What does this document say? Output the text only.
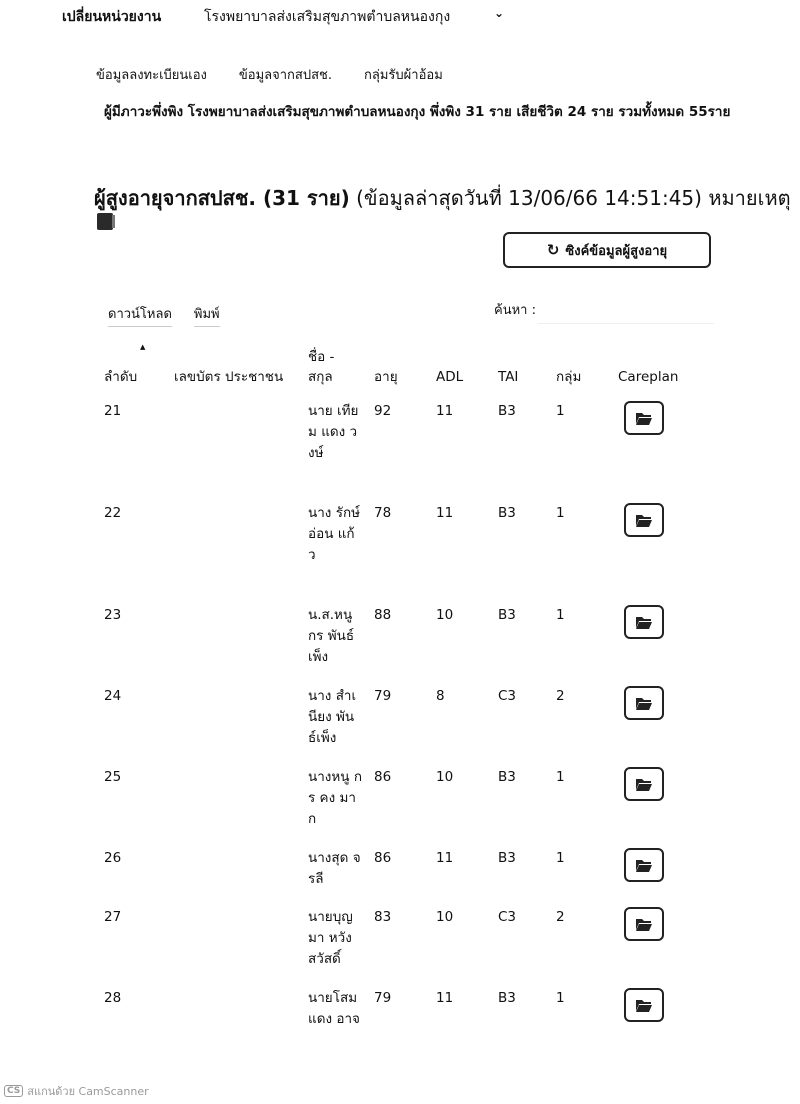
เปลี่ยนหน่วยงาน	โรงพยาบาลส่งเสริมสุขภาพตำบลหนองกุง	⌄
ข้อมูลลงทะเบียนเอง ข้อมูลจากสปสช. กลุ่มรับผ้าอ้อม
ผู้มีภาวะพึ่งพิง โรงพยาบาลส่งเสริมสุขภาพตำบลหนองกุง พึ่งพิง 31 ราย เสียชีวิต 24 ราย รวมทั้งหมด 55ราย
ผู้สูงอายุจากสปสช. (31 ราย) (ข้อมูลล่าสุดวันที่ 13/06/66 14:51:45) หมายเหตุ
↻ ซิงค์ข้อมูลผู้สูงอายุ
ดาวน์โหลด พิมพ์	ค้นหา :
▲
ลำดับ	เลขบัตร ประชาชน	ชื่อ - สกุล	อายุ	ADL	TAI	กลุ่ม	Careplan
21		นาย เทียม แดง วงษ์	92	11	B3	1	

22		นาง รักษ์ อ่อน แก้ว	78	11	B3	1	

23		น.ส.หนู กร พันธ์ เพ็ง	88	10	B3	1	

24		นาง สำเนียง พันธ์เพ็ง	79	8	C3	2	

25		นางหนู กร คง มาก	86	10	B3	1	

26		นางสุด จรลี	86	11	B3	1	

27		นายบุญ มา หวัง สวัสดิ์	83	10	C3	2	

28		นายโสม แดง อาจ	79	11	B3	1	
CS สแกนด้วย CamScanner
